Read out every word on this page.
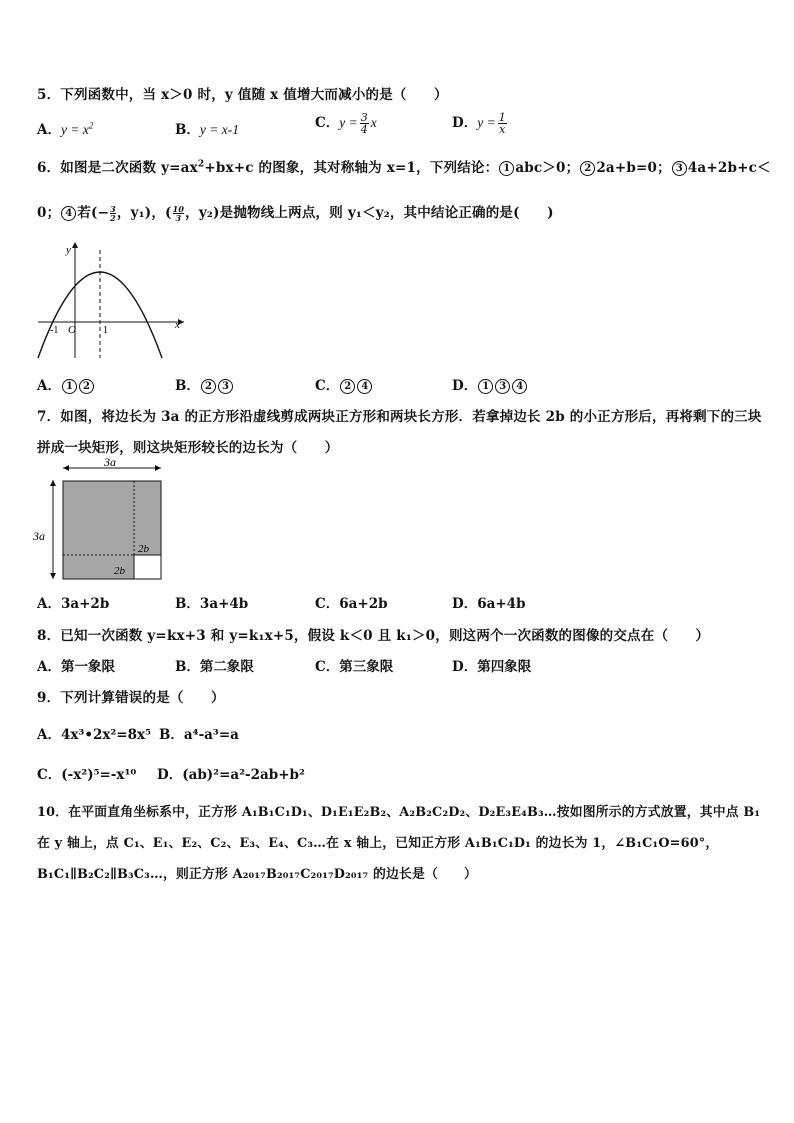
5．下列函数中，当 x＞0 时，y 值随 x 值增大而减小的是（　　）
A．$y = x^2$	B．y = x-1	C．$y = \frac{3}{4}$ x	D．$y = \frac{1}{x}$
6．如图是二次函数 $y=ax^2+bx+c$ 的图象，其对称轴为 x=1，下列结论： 1 abc＞0； 2 2a+b=0； 3 4a+2b+c＜
0； 4 若(− $\frac{3}{2}$ ，y₁)，( $\frac{10}{3}$ ，y₂)是抛物线上两点，则 y₁＜y₂，其中结论正确的是(　　)
y
x
O
-1	1
A． 1 2	B． 2 3	C． 2 4	D． 1 3 4
7．如图，将边长为 3a 的正方形沿虚线剪成两块正方形和两块长方形．若拿掉边长 2b 的小正方形后，再将剩下的三块
拼成一块矩形，则这块矩形较长的边长为（　　）
3a
3a
2b
2b
A．3a+2b	B．3a+4b	C．6a+2b	D．6a+4b
8．已知一次函数 y=kx+3 和 y=k₁x+5，假设 k＜0 且 k₁＞0，则这两个一次函数的图像的交点在（　　）
A．第一象限	B．第二象限	C．第三象限	D．第四象限
9．下列计算错误的是（　　）
A．4x³•2x²=8x⁵ B．a⁴-a³=a
C．(-x²)⁵=-x¹⁰ D．(ab)²=a²-2ab+b²
10．在平面直角坐标系中，正方形 A₁B₁C₁D₁、D₁E₁E₂B₂、A₂B₂C₂D₂、D₂E₃E₄B₃…按如图所示的方式放置，其中点 B₁
在 y 轴上，点 C₁、E₁、E₂、C₂、E₃、E₄、C₃…在 x 轴上，已知正方形 A₁B₁C₁D₁ 的边长为 1，∠B₁C₁O=60°，
B₁C₁∥B₂C₂∥B₃C₃…，则正方形 A₂₀₁₇B₂₀₁₇C₂₀₁₇D₂₀₁₇ 的边长是（　　）
